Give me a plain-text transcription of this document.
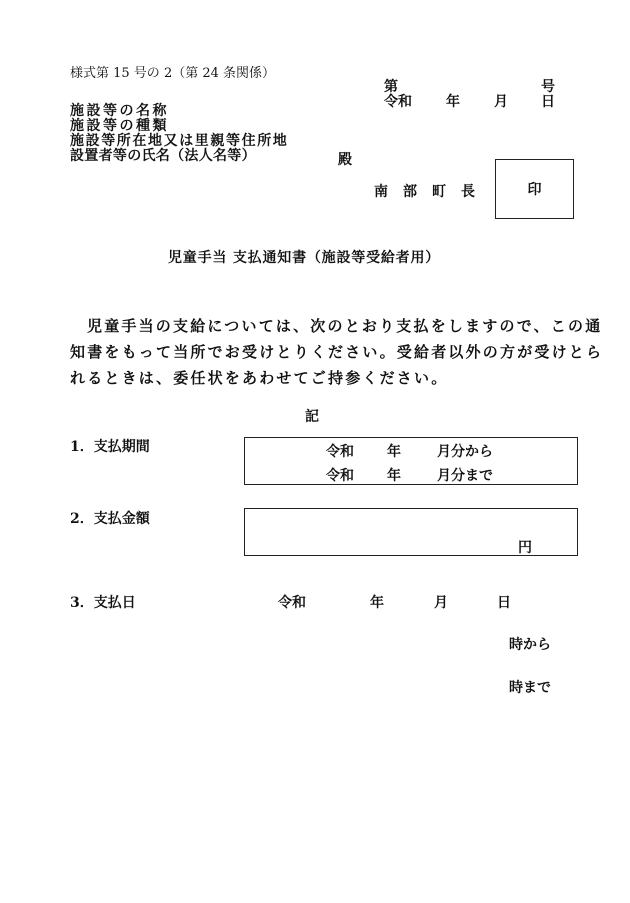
様式第 15 号の 2（第 24 条関係）
第	号
令和 年 月 日
施設等の名称
施設等の種類
施設等所在地又は里親等住所地
設置者等の氏名（法人名等）	殿
南部町長	印
児童手当 支払通知書（施設等受給者用）
児童手当の支給については、次のとおり支払をしますので、この通
知書をもって当所でお受けとりください。受給者以外の方が受けとら
れるときは、委任状をあわせてご持参ください。
記
1．支払期間	令和 年	月分から
令和 年	月分まで
2．支払金額
円
3．支払日	令和	年	月	日
時から
時まで
